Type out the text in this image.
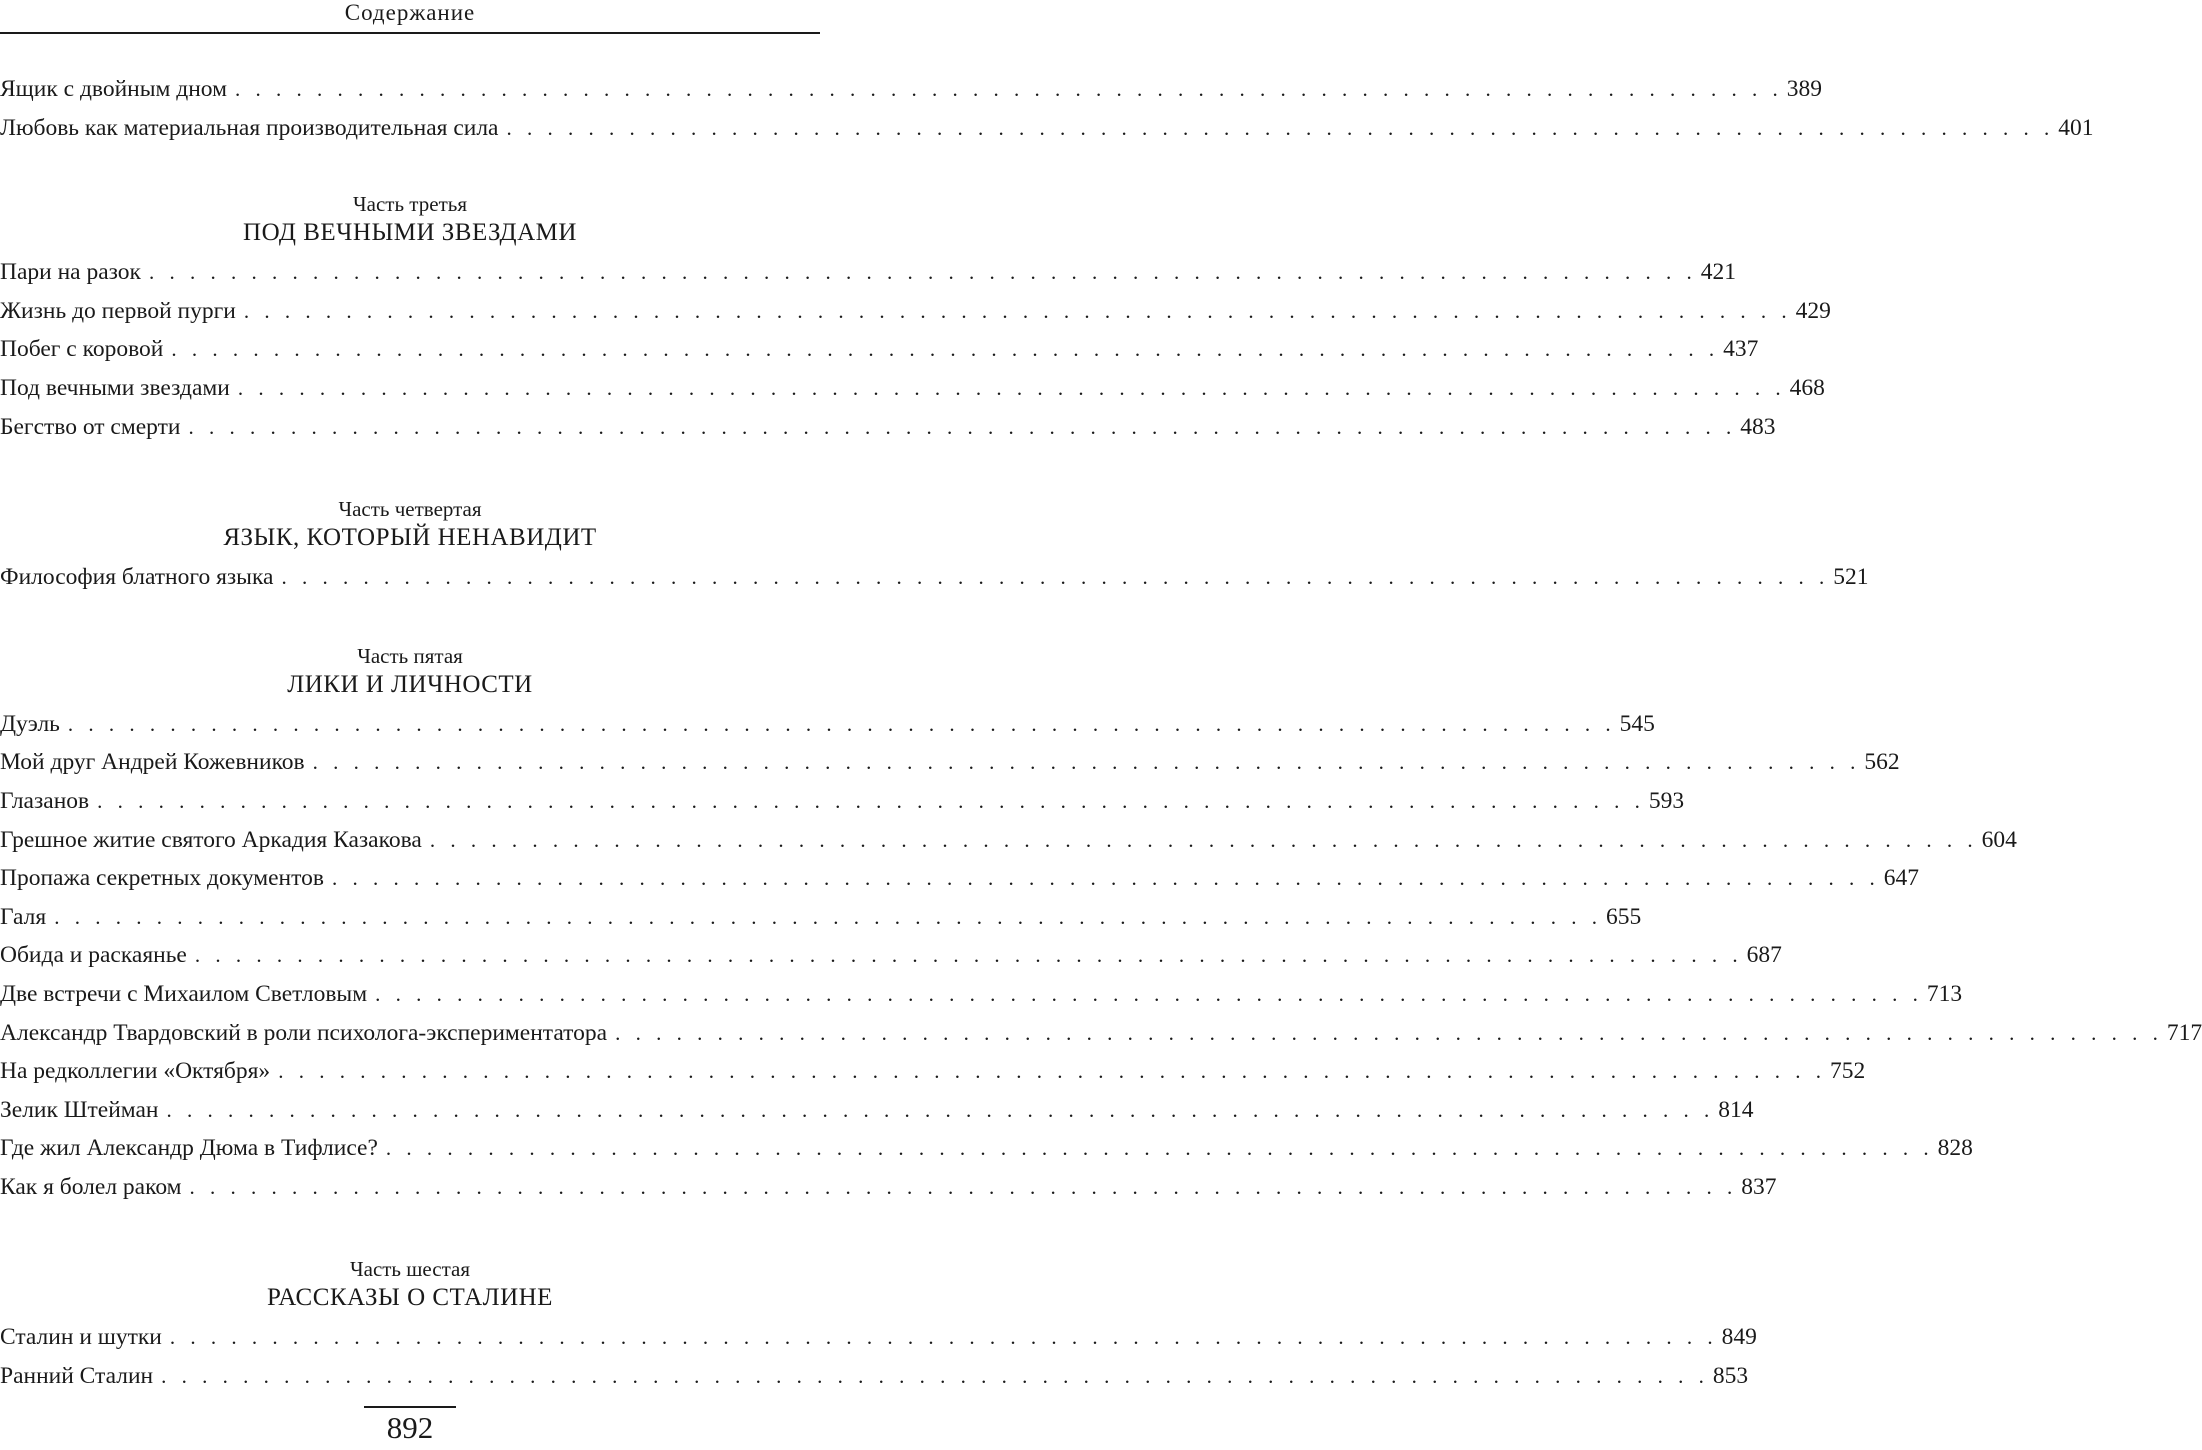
Содержание
Ящик с двойным дном . . . . . . . . . . . . . . . . . . . . . . . . . . . . . . . . . . . . . . . . . . . . . . . . . . . . . . . . . . . . . . . . . . . . . . . . . . . . 389
Любовь как материальная производительная сила . . . . . . . . . . . . . . . . . . . . . . . . . . . . . . . . . . . . . . . . . . . . . . . . . . . . . . . . . . . . . . . . . . . . . . . . . . . . 401
Часть третья
ПОД ВЕЧНЫМИ ЗВЕЗДАМИ
Пари на разок . . . . . . . . . . . . . . . . . . . . . . . . . . . . . . . . . . . . . . . . . . . . . . . . . . . . . . . . . . . . . . . . . . . . . . . . . . . . 421
Жизнь до первой пурги . . . . . . . . . . . . . . . . . . . . . . . . . . . . . . . . . . . . . . . . . . . . . . . . . . . . . . . . . . . . . . . . . . . . . . . . . . . . 429
Побег с коровой . . . . . . . . . . . . . . . . . . . . . . . . . . . . . . . . . . . . . . . . . . . . . . . . . . . . . . . . . . . . . . . . . . . . . . . . . . . . 437
Под вечными звездами . . . . . . . . . . . . . . . . . . . . . . . . . . . . . . . . . . . . . . . . . . . . . . . . . . . . . . . . . . . . . . . . . . . . . . . . . . . . 468
Бегство от смерти . . . . . . . . . . . . . . . . . . . . . . . . . . . . . . . . . . . . . . . . . . . . . . . . . . . . . . . . . . . . . . . . . . . . . . . . . . . . 483
Часть четвертая
ЯЗЫК, КОТОРЫЙ НЕНАВИДИТ
Философия блатного языка . . . . . . . . . . . . . . . . . . . . . . . . . . . . . . . . . . . . . . . . . . . . . . . . . . . . . . . . . . . . . . . . . . . . . . . . . . . . 521
Часть пятая
ЛИКИ И ЛИЧНОСТИ
Дуэль . . . . . . . . . . . . . . . . . . . . . . . . . . . . . . . . . . . . . . . . . . . . . . . . . . . . . . . . . . . . . . . . . . . . . . . . . . . . 545
Мой друг Андрей Кожевников . . . . . . . . . . . . . . . . . . . . . . . . . . . . . . . . . . . . . . . . . . . . . . . . . . . . . . . . . . . . . . . . . . . . . . . . . . . . 562
Глазанов . . . . . . . . . . . . . . . . . . . . . . . . . . . . . . . . . . . . . . . . . . . . . . . . . . . . . . . . . . . . . . . . . . . . . . . . . . . . 593
Грешное житие святого Аркадия Казакова . . . . . . . . . . . . . . . . . . . . . . . . . . . . . . . . . . . . . . . . . . . . . . . . . . . . . . . . . . . . . . . . . . . . . . . . . . . . 604
Пропажа секретных документов . . . . . . . . . . . . . . . . . . . . . . . . . . . . . . . . . . . . . . . . . . . . . . . . . . . . . . . . . . . . . . . . . . . . . . . . . . . . 647
Галя . . . . . . . . . . . . . . . . . . . . . . . . . . . . . . . . . . . . . . . . . . . . . . . . . . . . . . . . . . . . . . . . . . . . . . . . . . . . 655
Обида и раскаянье . . . . . . . . . . . . . . . . . . . . . . . . . . . . . . . . . . . . . . . . . . . . . . . . . . . . . . . . . . . . . . . . . . . . . . . . . . . . 687
Две встречи с Михаилом Светловым . . . . . . . . . . . . . . . . . . . . . . . . . . . . . . . . . . . . . . . . . . . . . . . . . . . . . . . . . . . . . . . . . . . . . . . . . . . . 713
Александр Твардовский в роли психолога-экспериментатора . . . . . . . . . . . . . . . . . . . . . . . . . . . . . . . . . . . . . . . . . . . . . . . . . . . . . . . . . . . . . . . . . . . . . . . . . . . . 717
На редколлегии «Октября» . . . . . . . . . . . . . . . . . . . . . . . . . . . . . . . . . . . . . . . . . . . . . . . . . . . . . . . . . . . . . . . . . . . . . . . . . . . . 752
Зелик Штейман . . . . . . . . . . . . . . . . . . . . . . . . . . . . . . . . . . . . . . . . . . . . . . . . . . . . . . . . . . . . . . . . . . . . . . . . . . . . 814
Где жил Александр Дюма в Тифлисе? . . . . . . . . . . . . . . . . . . . . . . . . . . . . . . . . . . . . . . . . . . . . . . . . . . . . . . . . . . . . . . . . . . . . . . . . . . . . 828
Как я болел раком . . . . . . . . . . . . . . . . . . . . . . . . . . . . . . . . . . . . . . . . . . . . . . . . . . . . . . . . . . . . . . . . . . . . . . . . . . . . 837
Часть шестая
РАССКАЗЫ О СТАЛИНЕ
Сталин и шутки . . . . . . . . . . . . . . . . . . . . . . . . . . . . . . . . . . . . . . . . . . . . . . . . . . . . . . . . . . . . . . . . . . . . . . . . . . . . 849
Ранний Сталин . . . . . . . . . . . . . . . . . . . . . . . . . . . . . . . . . . . . . . . . . . . . . . . . . . . . . . . . . . . . . . . . . . . . . . . . . . . . 853
892
